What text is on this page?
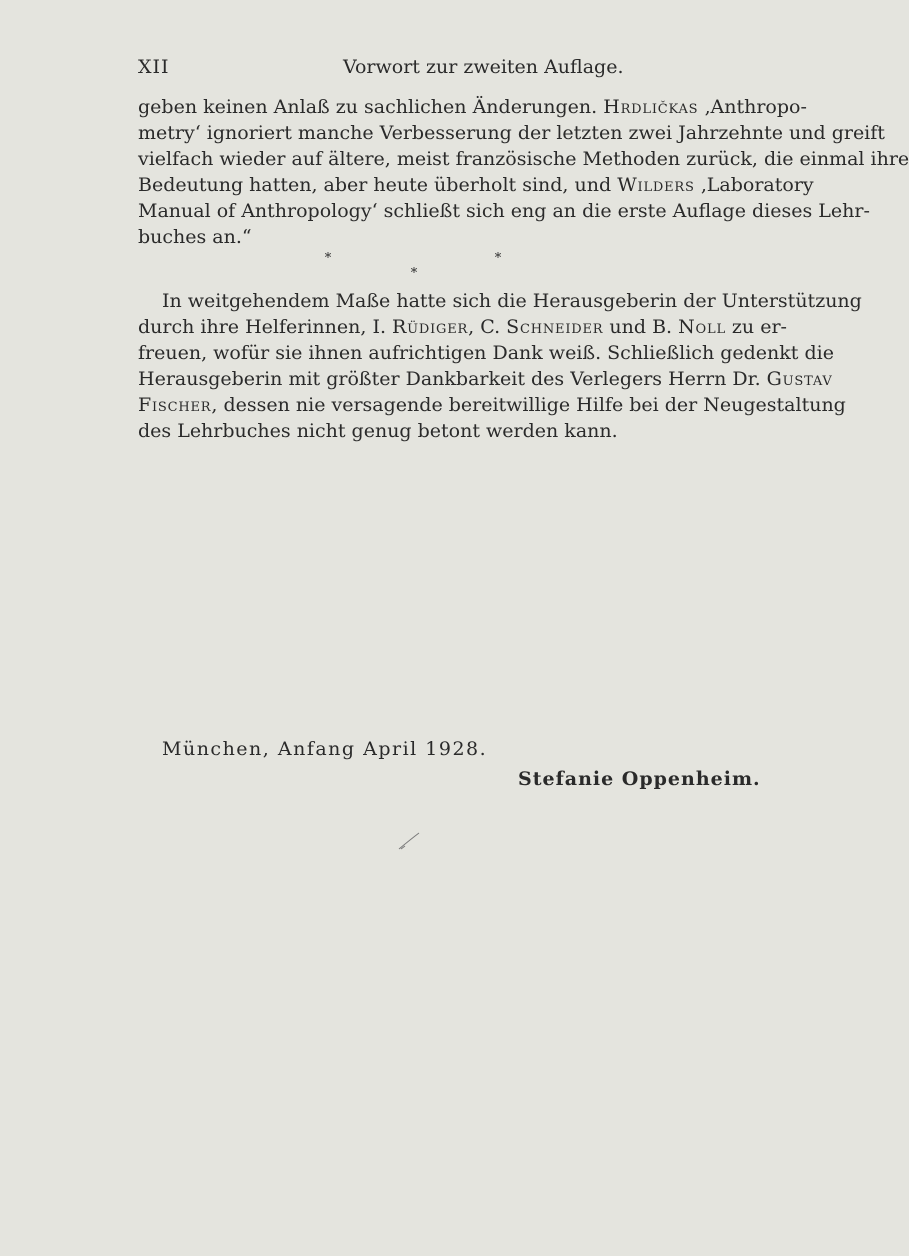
XII	Vorwort zur zweiten Auflage.

geben keinen Anlaß zu sachlichen Änderungen. Hrdličkas ‚Anthropo-
metry‘ ignoriert manche Verbesserung der letzten zwei Jahrzehnte und greift
vielfach wieder auf ältere, meist französische Methoden zurück, die einmal ihre
Bedeutung hatten, aber heute überholt sind, und Wilders ‚Laboratory
Manual of Anthropology‘ schließt sich eng an die erste Auflage dieses Lehr-
buches an.“

*	*
*

In weitgehendem Maße hatte sich die Herausgeberin der Unterstützung
durch ihre Helferinnen, I. Rüdiger, C. Schneider und B. Noll zu er-
freuen, wofür sie ihnen aufrichtigen Dank weiß. Schließlich gedenkt die
Herausgeberin mit größter Dankbarkeit des Verlegers Herrn Dr. Gustav
Fischer, dessen nie versagende bereitwillige Hilfe bei der Neugestaltung
des Lehrbuches nicht genug betont werden kann.

München, Anfang April 1928.
Stefanie Oppenheim.
